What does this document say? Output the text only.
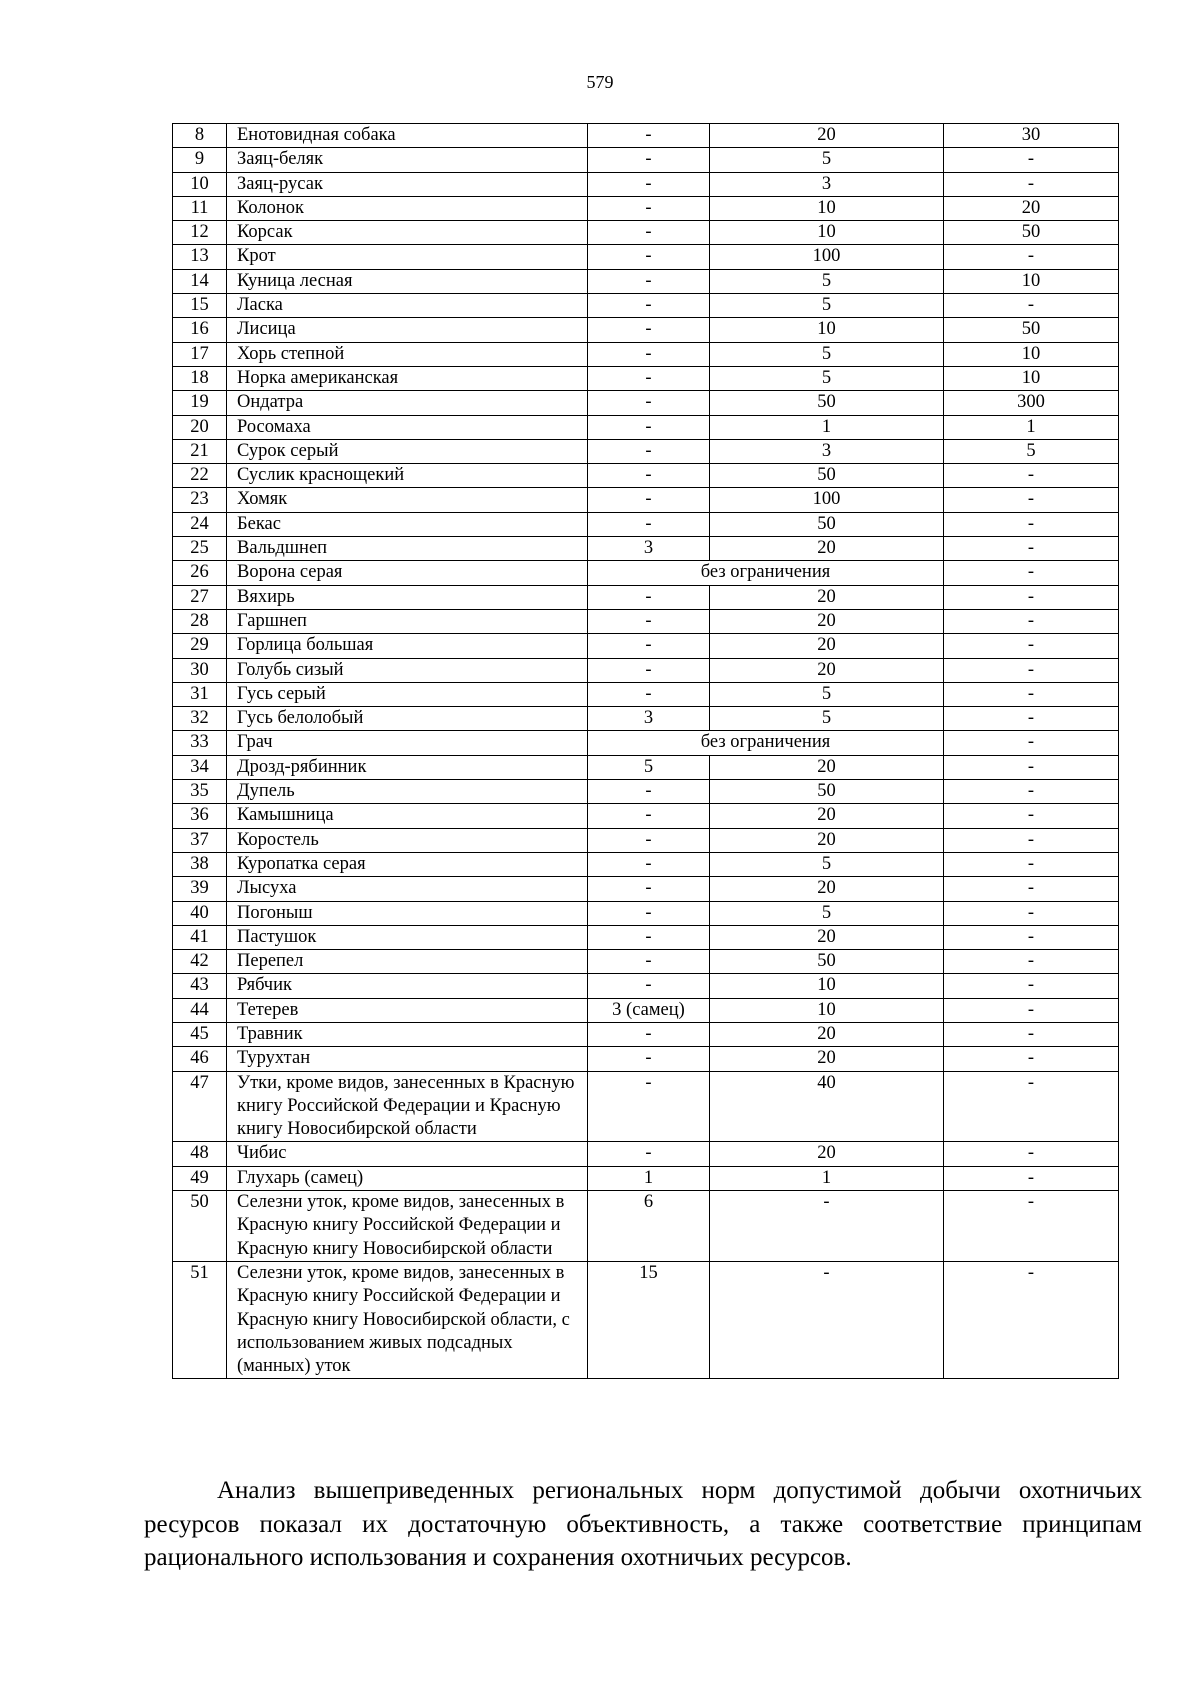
579
8	Енотовидная собака	-	20	30
9	Заяц-беляк	-	5	-
10	Заяц-русак	-	3	-
11	Колонок	-	10	20
12	Корсак	-	10	50
13	Крот	-	100	-
14	Куница лесная	-	5	10
15	Ласка	-	5	-
16	Лисица	-	10	50
17	Хорь степной	-	5	10
18	Норка американская	-	5	10
19	Ондатра	-	50	300
20	Росомаха	-	1	1
21	Сурок серый	-	3	5
22	Суслик краснощекий	-	50	-
23	Хомяк	-	100	-
24	Бекас	-	50	-
25	Вальдшнеп	3	20	-
26	Ворона серая	без ограничения		-
27	Вяхирь	-	20	-
28	Гаршнеп	-	20	-
29	Горлица большая	-	20	-
30	Голубь сизый	-	20	-
31	Гусь серый	-	5	-
32	Гусь белолобый	3	5	-
33	Грач	без ограничения		-
34	Дрозд-рябинник	5	20	-
35	Дупель	-	50	-
36	Камышница	-	20	-
37	Коростель	-	20	-
38	Куропатка серая	-	5	-
39	Лысуха	-	20	-
40	Погоныш	-	5	-
41	Пастушок	-	20	-
42	Перепел	-	50	-
43	Рябчик	-	10	-
44	Тетерев	3 (самец)	10	-
45	Травник	-	20	-
46	Турухтан	-	20	-
47	Утки, кроме видов, занесенных в Красную книгу Российской Федерации и Красную книгу Новосибирской области	-	40	-
48	Чибис	-	20	-
49	Глухарь (самец)	1	1	-
50	Селезни уток, кроме видов, занесенных в Красную книгу Российской Федерации и Красную книгу Новосибирской области	6	-	-
51	Селезни уток, кроме видов, занесенных в Красную книгу Российской Федерации и Красную книгу Новосибирской области, с использованием живых подсадных (манных) уток	15	-	-

Анализ вышеприведенных региональных норм допустимой добычи охотничьих ресурсов показал их достаточную объективность, а также соответствие принципам рационального использования и сохранения охотничьих ресурсов.
